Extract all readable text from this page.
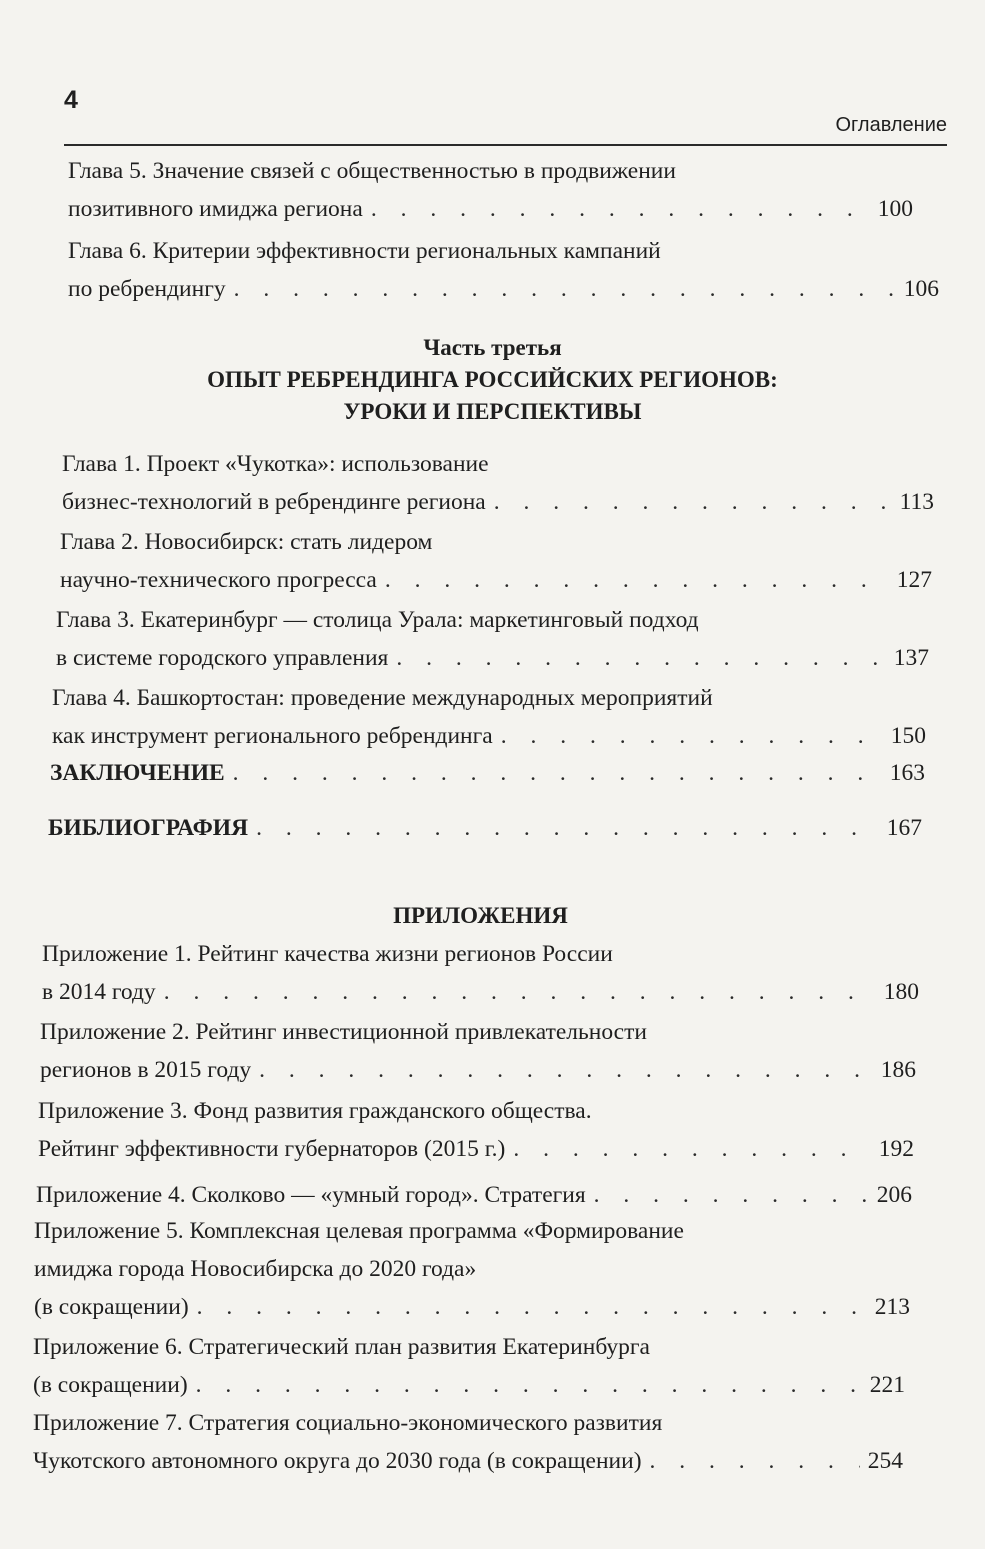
4
Оглавление
Глава 5. Значение связей с общественностью в продвижении
позитивного имиджа региона . . .	100
Глава 6. Критерии эффективности региональных кампаний
по ребрендингу . . .	106
Часть третья
ОПЫТ РЕБРЕНДИНГА РОССИЙСКИХ РЕГИОНОВ:
УРОКИ И ПЕРСПЕКТИВЫ
Глава 1. Проект «Чукотка»: использование
бизнес-технологий в ребрендинге региона . . .	113
Глава 2. Новосибирск: стать лидером
научно-технического прогресса . . .	127
Глава 3. Екатеринбург — столица Урала: маркетинговый подход
в системе городского управления . . .	137
Глава 4. Башкортостан: проведение международных мероприятий
как инструмент регионального ребрендинга . . .	150
ЗАКЛЮЧЕНИЕ . . .	163
БИБЛИОГРАФИЯ . . .	167
ПРИЛОЖЕНИЯ
Приложение 1. Рейтинг качества жизни регионов России
в 2014 году . . .	180
Приложение 2. Рейтинг инвестиционной привлекательности
регионов в 2015 году . . .	186
Приложение 3. Фонд развития гражданского общества.
Рейтинг эффективности губернаторов (2015 г.) . . .	192
Приложение 4. Сколково — «умный город». Стратегия . . .	206
Приложение 5. Комплексная целевая программа «Формирование
имиджа города Новосибирска до 2020 года»
(в сокращении) . . .	213
Приложение 6. Стратегический план развития Екатеринбурга
(в сокращении) . . .	221
Приложение 7. Стратегия социально-экономического развития
Чукотского автономного округа до 2030 года (в сокращении) . . .	254
